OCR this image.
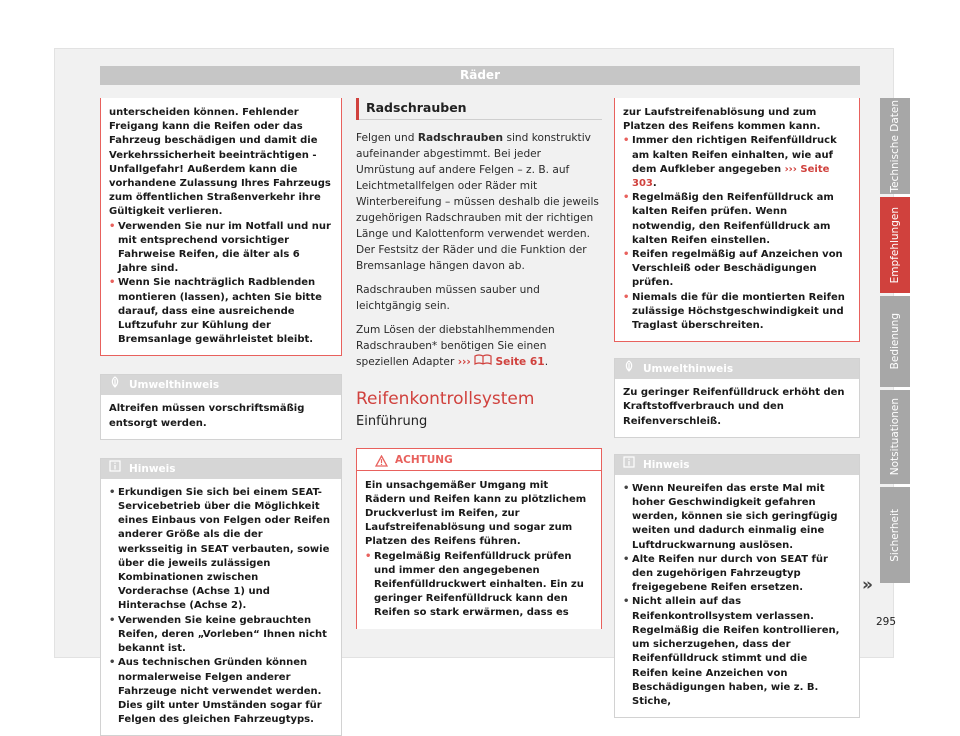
Räder
unterscheiden können. Fehlender Freigang kann die Reifen oder das Fahrzeug beschädigen und damit die Verkehrssicherheit beeinträchtigen - Unfallgefahr! Außerdem kann die vorhandene Zulassung Ihres Fahrzeugs zum öffentlichen Straßenverkehr ihre Gültigkeit verlieren.
• Verwenden Sie nur im Notfall und nur mit entsprechend vorsichtiger Fahrweise Reifen, die älter als 6 Jahre sind.
• Wenn Sie nachträglich Radblenden montieren (lassen), achten Sie bitte darauf, dass eine ausreichende Luftzufuhr zur Kühlung der Bremsanlage gewährleistet bleibt.
Umwelthinweis
Altreifen müssen vorschriftsmäßig entsorgt werden.
Hinweis
• Erkundigen Sie sich bei einem SEAT-Servicebetrieb über die Möglichkeit eines Einbaus von Felgen oder Reifen anderer Größe als die der werksseitig in SEAT verbauten, sowie über die jeweils zulässigen Kombinationen zwischen Vorderachse (Achse 1) und Hinterachse (Achse 2).
• Verwenden Sie keine gebrauchten Reifen, deren „Vorleben“ Ihnen nicht bekannt ist.
• Aus technischen Gründen können normalerweise Felgen anderer Fahrzeuge nicht verwendet werden. Dies gilt unter Umständen sogar für Felgen des gleichen Fahrzeugtyps.
Radschrauben
Felgen und Radschrauben sind konstruktiv aufeinander abgestimmt. Bei jeder Umrüstung auf andere Felgen – z. B. auf Leichtmetallfelgen oder Räder mit Winterbereifung – müssen deshalb die jeweils zugehörigen Radschrauben mit der richtigen Länge und Kalottenform verwendet werden. Der Festsitz der Räder und die Funktion der Bremsanlage hängen davon ab.
Radschrauben müssen sauber und leichtgängig sein.
Zum Lösen der diebstahlhemmenden Radschrauben* benötigen Sie einen speziellen Adapter ››› Seite 61.
Reifenkontrollsystem
Einführung
ACHTUNG
Ein unsachgemäßer Umgang mit Rädern und Reifen kann zu plötzlichem Druckverlust im Reifen, zur Laufstreifenablösung und sogar zum Platzen des Reifens führen.
• Regelmäßig Reifenfülldruck prüfen und immer den angegebenen Reifenfülldruckwert einhalten. Ein zu geringer Reifenfülldruck kann den Reifen so stark erwärmen, dass es
zur Laufstreifenablösung und zum Platzen des Reifens kommen kann.
• Immer den richtigen Reifenfülldruck am kalten Reifen einhalten, wie auf dem Aufkleber angegeben ››› Seite 303.
• Regelmäßig den Reifenfülldruck am kalten Reifen prüfen. Wenn notwendig, den Reifenfülldruck am kalten Reifen einstellen.
• Reifen regelmäßig auf Anzeichen von Verschleiß oder Beschädigungen prüfen.
• Niemals die für die montierten Reifen zulässige Höchstgeschwindigkeit und Traglast überschreiten.
Umwelthinweis
Zu geringer Reifenfülldruck erhöht den Kraftstoffverbrauch und den Reifenverschleiß.
Hinweis
• Wenn Neureifen das erste Mal mit hoher Geschwindigkeit gefahren werden, können sie sich geringfügig weiten und dadurch einmalig eine Luftdruckwarnung auslösen.
• Alte Reifen nur durch von SEAT für den zugehörigen Fahrzeugtyp freigegebene Reifen ersetzen.
• Nicht allein auf das Reifenkontrollsystem verlassen. Regelmäßig die Reifen kontrollieren, um sicherzugehen, dass der Reifenfülldruck stimmt und die Reifen keine Anzeichen von Beschädigungen haben, wie z. B. Stiche,
»
Technische Daten
Empfehlungen
Bedienung
Notsituationen
Sicherheit
295
